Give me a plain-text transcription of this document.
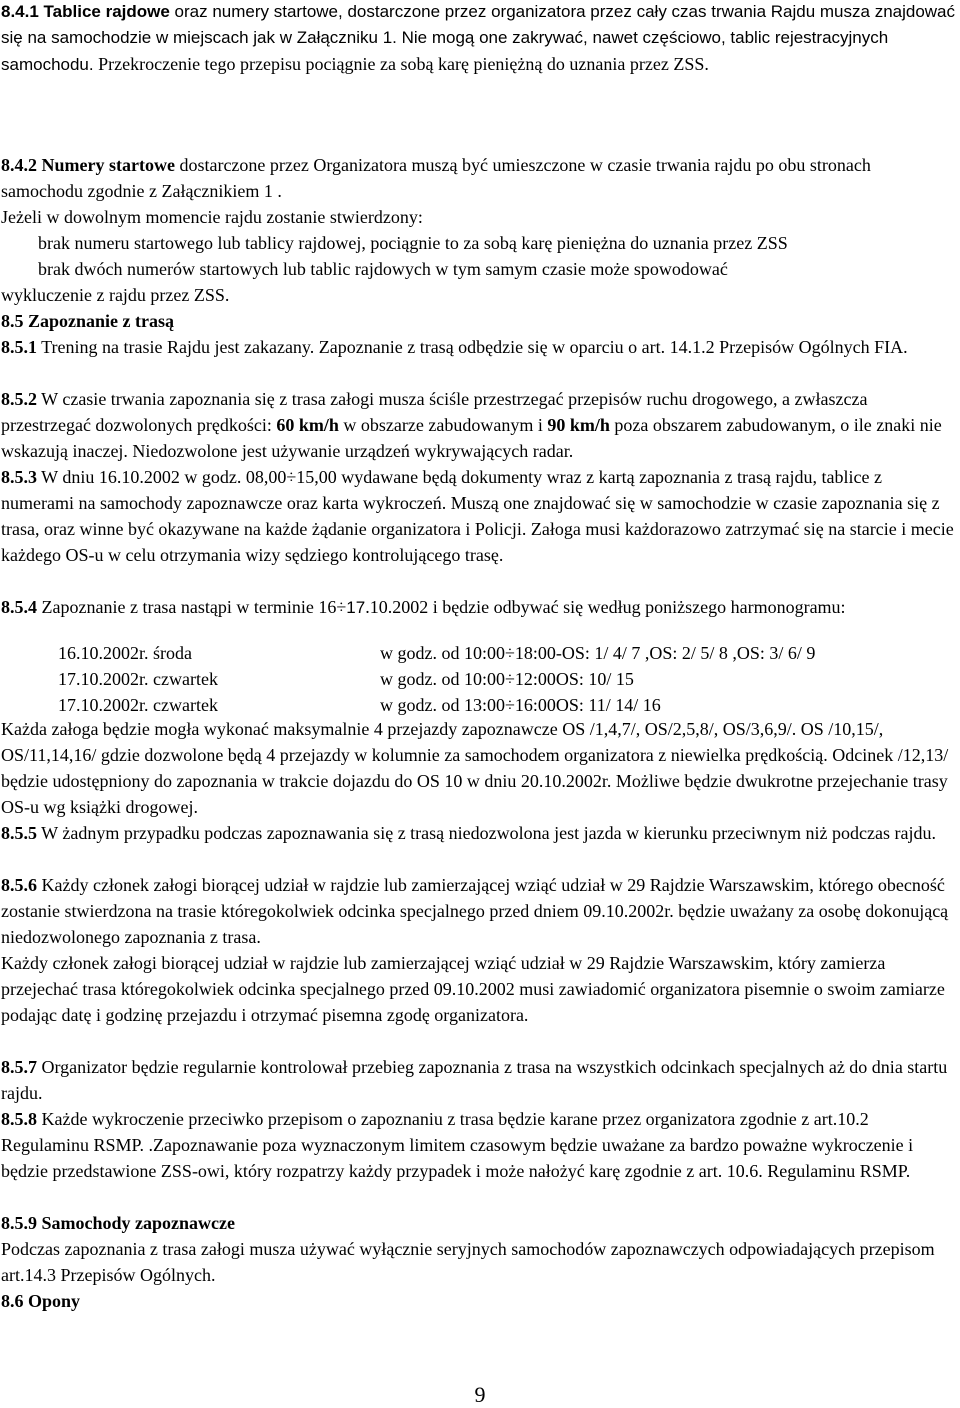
8.4.1 Tablice rajdowe oraz numery startowe, dostarczone przez organizatora przez cały czas trwania Rajdu musza znajdować się na samochodzie w miejscach jak w Załączniku 1. Nie mogą one zakrywać, nawet częściowo, tablic rejestracyjnych samochodu. Przekroczenie tego przepisu pociągnie za sobą karę pieniężną do uznania przez ZSS.
8.4.2 Numery startowe dostarczone przez Organizatora muszą być umieszczone w czasie trwania rajdu po obu stronach samochodu zgodnie z Załącznikiem 1 .
Jeżeli w dowolnym momencie rajdu zostanie stwierdzony:
brak numeru startowego lub tablicy rajdowej, pociągnie to za sobą karę pieniężna do uznania przez ZSS
brak dwóch numerów startowych lub tablic rajdowych w tym samym czasie może spowodować
wykluczenie z rajdu przez ZSS.
8.5 Zapoznanie z trasą
8.5.1 Trening na trasie Rajdu jest zakazany. Zapoznanie z trasą odbędzie się w oparciu o art. 14.1.2 Przepisów Ogólnych FIA.
8.5.2 W czasie trwania zapoznania się z trasa załogi musza ściśle przestrzegać przepisów ruchu drogowego, a zwłaszcza przestrzegać dozwolonych prędkości: 60 km/h w obszarze zabudowanym i 90 km/h poza obszarem zabudowanym, o ile znaki nie wskazują inaczej. Niedozwolone jest używanie urządzeń wykrywających radar.
8.5.3 W dniu 16.10.2002 w godz. 08,00÷15,00 wydawane będą dokumenty wraz z kartą zapoznania z trasą rajdu, tablice z numerami na samochody zapoznawcze oraz karta wykroczeń. Muszą one znajdować się w samochodzie w czasie zapoznania się z trasa, oraz winne być okazywane na każde żądanie organizatora i Policji. Załoga musi każdorazowo zatrzymać się na starcie i mecie każdego OS-u w celu otrzymania wizy sędziego kontrolującego trasę.
8.5.4 Zapoznanie z trasa nastąpi w terminie 16÷17.10.2002 i będzie odbywać się według poniższego harmonogramu:
16.10.2002r. środa	w godz. od 10:00÷18:00-OS: 1/ 4/ 7 ,OS: 2/ 5/ 8 ,OS: 3/ 6/ 9
17.10.2002r. czwartek	w godz. od 10:00÷12:00OS: 10/ 15
17.10.2002r. czwartek	w godz. od 13:00÷16:00OS: 11/ 14/ 16
Każda załoga będzie mogła wykonać maksymalnie 4 przejazdy zapoznawcze OS /1,4,7/, OS/2,5,8/, OS/3,6,9/. OS /10,15/, OS/11,14,16/ gdzie dozwolone będą 4 przejazdy w kolumnie za samochodem organizatora z niewielka prędkością. Odcinek /12,13/ będzie udostępniony do zapoznania w trakcie dojazdu do OS 10 w dniu 20.10.2002r. Możliwe będzie dwukrotne przejechanie trasy OS-u wg książki drogowej.
8.5.5 W żadnym przypadku podczas zapoznawania się z trasą niedozwolona jest jazda w kierunku przeciwnym niż podczas rajdu.
8.5.6 Każdy członek załogi biorącej udział w rajdzie lub zamierzającej wziąć udział w 29 Rajdzie Warszawskim, którego obecność zostanie stwierdzona na trasie któregokolwiek odcinka specjalnego przed dniem 09.10.2002r. będzie uważany za osobę dokonującą niedozwolonego zapoznania z trasa.
Każdy członek załogi biorącej udział w rajdzie lub zamierzającej wziąć udział w 29 Rajdzie Warszawskim, który zamierza przejechać trasa któregokolwiek odcinka specjalnego przed 09.10.2002 musi zawiadomić organizatora pisemnie o swoim zamiarze podając datę i godzinę przejazdu i otrzymać pisemna zgodę organizatora.
8.5.7 Organizator będzie regularnie kontrolował przebieg zapoznania z trasa na wszystkich odcinkach specjalnych aż do dnia startu rajdu.
8.5.8 Każde wykroczenie przeciwko przepisom o zapoznaniu z trasa będzie karane przez organizatora zgodnie z art.10.2 Regulaminu RSMP. .Zapoznawanie poza wyznaczonym limitem czasowym będzie uważane za bardzo poważne wykroczenie i będzie przedstawione ZSS-owi, który rozpatrzy każdy przypadek i może nałożyć karę zgodnie z art. 10.6. Regulaminu RSMP.
8.5.9 Samochody zapoznawcze
Podczas zapoznania z trasa załogi musza używać wyłącznie seryjnych samochodów zapoznawczych odpowiadających przepisom art.14.3 Przepisów Ogólnych.
8.6 Opony
9
